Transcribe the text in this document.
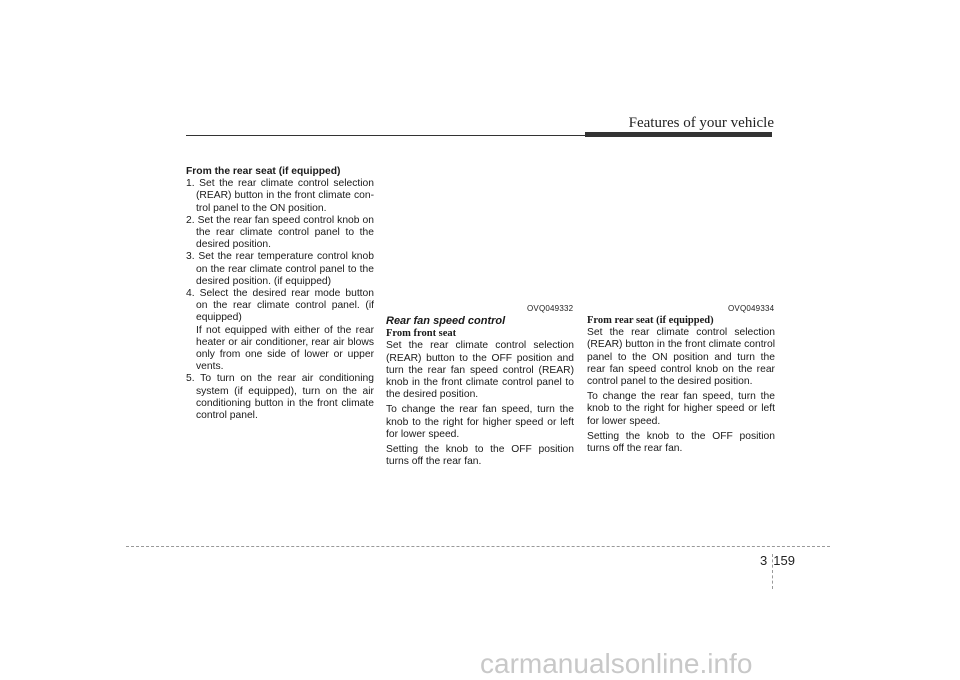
Features of your vehicle
From the rear seat (if equipped)
1. Set the rear climate control selection (REAR) button in the front climate con-trol panel to the ON position.
2. Set the rear fan speed control knob on the rear climate control panel to the desired position.
3. Set the rear temperature control knob on the rear climate control panel to the desired position. (if equipped)
4. Select the desired rear mode button on the rear climate control panel. (if equipped)
If not equipped with either of the rear heater or air conditioner, rear air blows only from one side of lower or upper vents.
5. To turn on the rear air conditioning system (if equipped), turn on the air conditioning button in the front climate control panel.
OVQ049332	OVQ049334
Rear fan speed control
From front seat

Set the rear climate control selection (REAR) button to the OFF position and turn the rear fan speed control (REAR) knob in the front climate control panel to the desired position.

To change the rear fan speed, turn the knob to the right for higher speed or left for lower speed.

Setting the knob to the OFF position turns off the rear fan.

From rear seat (if equipped)

Set the rear climate control selection (REAR) button in the front climate control panel to the ON position and turn the rear fan speed control knob on the rear control panel to the desired position.

To change the rear fan speed, turn the knob to the right for higher speed or left for lower speed.

Setting the knob to the OFF position turns off the rear fan.

3 159
carmanualsonline.info
